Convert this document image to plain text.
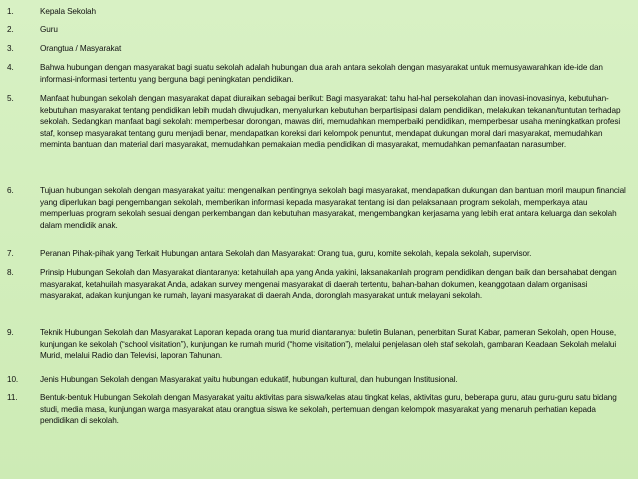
1.	Kepala Sekolah
2.	Guru
3.	Orangtua / Masyarakat
4.	Bahwa hubungan dengan masyarakat bagi suatu sekolah adalah hubungan dua arah antara sekolah dengan masyarakat untuk memusyawarahkan ide-ide dan informasi-informasi tertentu yang berguna bagi peningkatan pendidikan.
5.	Manfaat hubungan sekolah dengan masyarakat dapat diuraikan sebagai berikut: Bagi masyarakat: tahu hal-hal persekolahan dan inovasi-inovasinya, kebutuhan-kebutuhan masyarakat tentang pendidikan lebih mudah diwujudkan, menyalurkan kebutuhan berpartisipasi dalam pendidikan, melakukan tekanan/tuntutan terhadap sekolah. Sedangkan manfaat bagi sekolah: memperbesar dorongan, mawas diri, memudahkan memperbaiki pendidikan, memperbesar usaha meningkatkan profesi staf, konsep masyarakat tentang guru menjadi benar, mendapatkan koreksi dari kelompok penuntut, mendapat dukungan moral dari masyarakat, memudahkan meminta bantuan dan material dari masyarakat, memudahkan pemakaian media pendidikan di masyarakat, memudahkan pemanfaatan narasumber.
6.	Tujuan hubungan sekolah dengan masyarakat yaitu: mengenalkan pentingnya sekolah bagi masyarakat, mendapatkan dukungan dan bantuan moril maupun financial yang diperlukan bagi pengembangan sekolah, memberikan informasi kepada masyarakat tentang isi dan pelaksanaan program sekolah, memperkaya atau memperluas program sekolah sesuai dengan perkembangan dan kebutuhan masyarakat, mengembangkan kerjasama yang lebih erat antara keluarga dan sekolah dalam mendidik anak.
7.	Peranan Pihak-pihak yang Terkait Hubungan antara Sekolah dan Masyarakat: Orang tua, guru, komite sekolah, kepala sekolah, supervisor.
8.	Prinsip Hubungan Sekolah dan Masyarakat diantaranya: ketahuilah apa yang Anda yakini, laksanakanlah program pendidikan dengan baik dan bersahabat dengan masyarakat, ketahuilah masyarakat Anda, adakan survey mengenai masyarakat di daerah tertentu, bahan-bahan dokumen, keanggotaan dalam organisasi masyarakat, adakan kunjungan ke rumah, layani masyarakat di daerah Anda, doronglah masyarakat untuk melayani sekolah.
9.	Teknik Hubungan Sekolah dan Masyarakat Laporan kepada orang tua murid diantaranya: buletin Bulanan, penerbitan Surat Kabar, pameran Sekolah, open House, kunjungan ke sekolah (“school visitation”), kunjungan ke rumah murid (“home visitation”), melalui penjelasan oleh staf sekolah, gambaran Keadaan Sekolah melalui Murid, melalui Radio dan Televisi, laporan Tahunan.
10.	Jenis Hubungan Sekolah dengan Masyarakat yaitu hubungan edukatif, hubungan kultural, dan hubungan Institusional.
11.	Bentuk-bentuk Hubungan Sekolah dengan Masyarakat yaitu aktivitas para siswa/kelas atau tingkat kelas, aktivitas guru, beberapa guru, atau guru-guru satu bidang studi, media masa, kunjungan warga masyarakat atau orangtua siswa ke sekolah, pertemuan dengan kelompok masyarakat yang menaruh perhatian kepada pendidikan di sekolah.
